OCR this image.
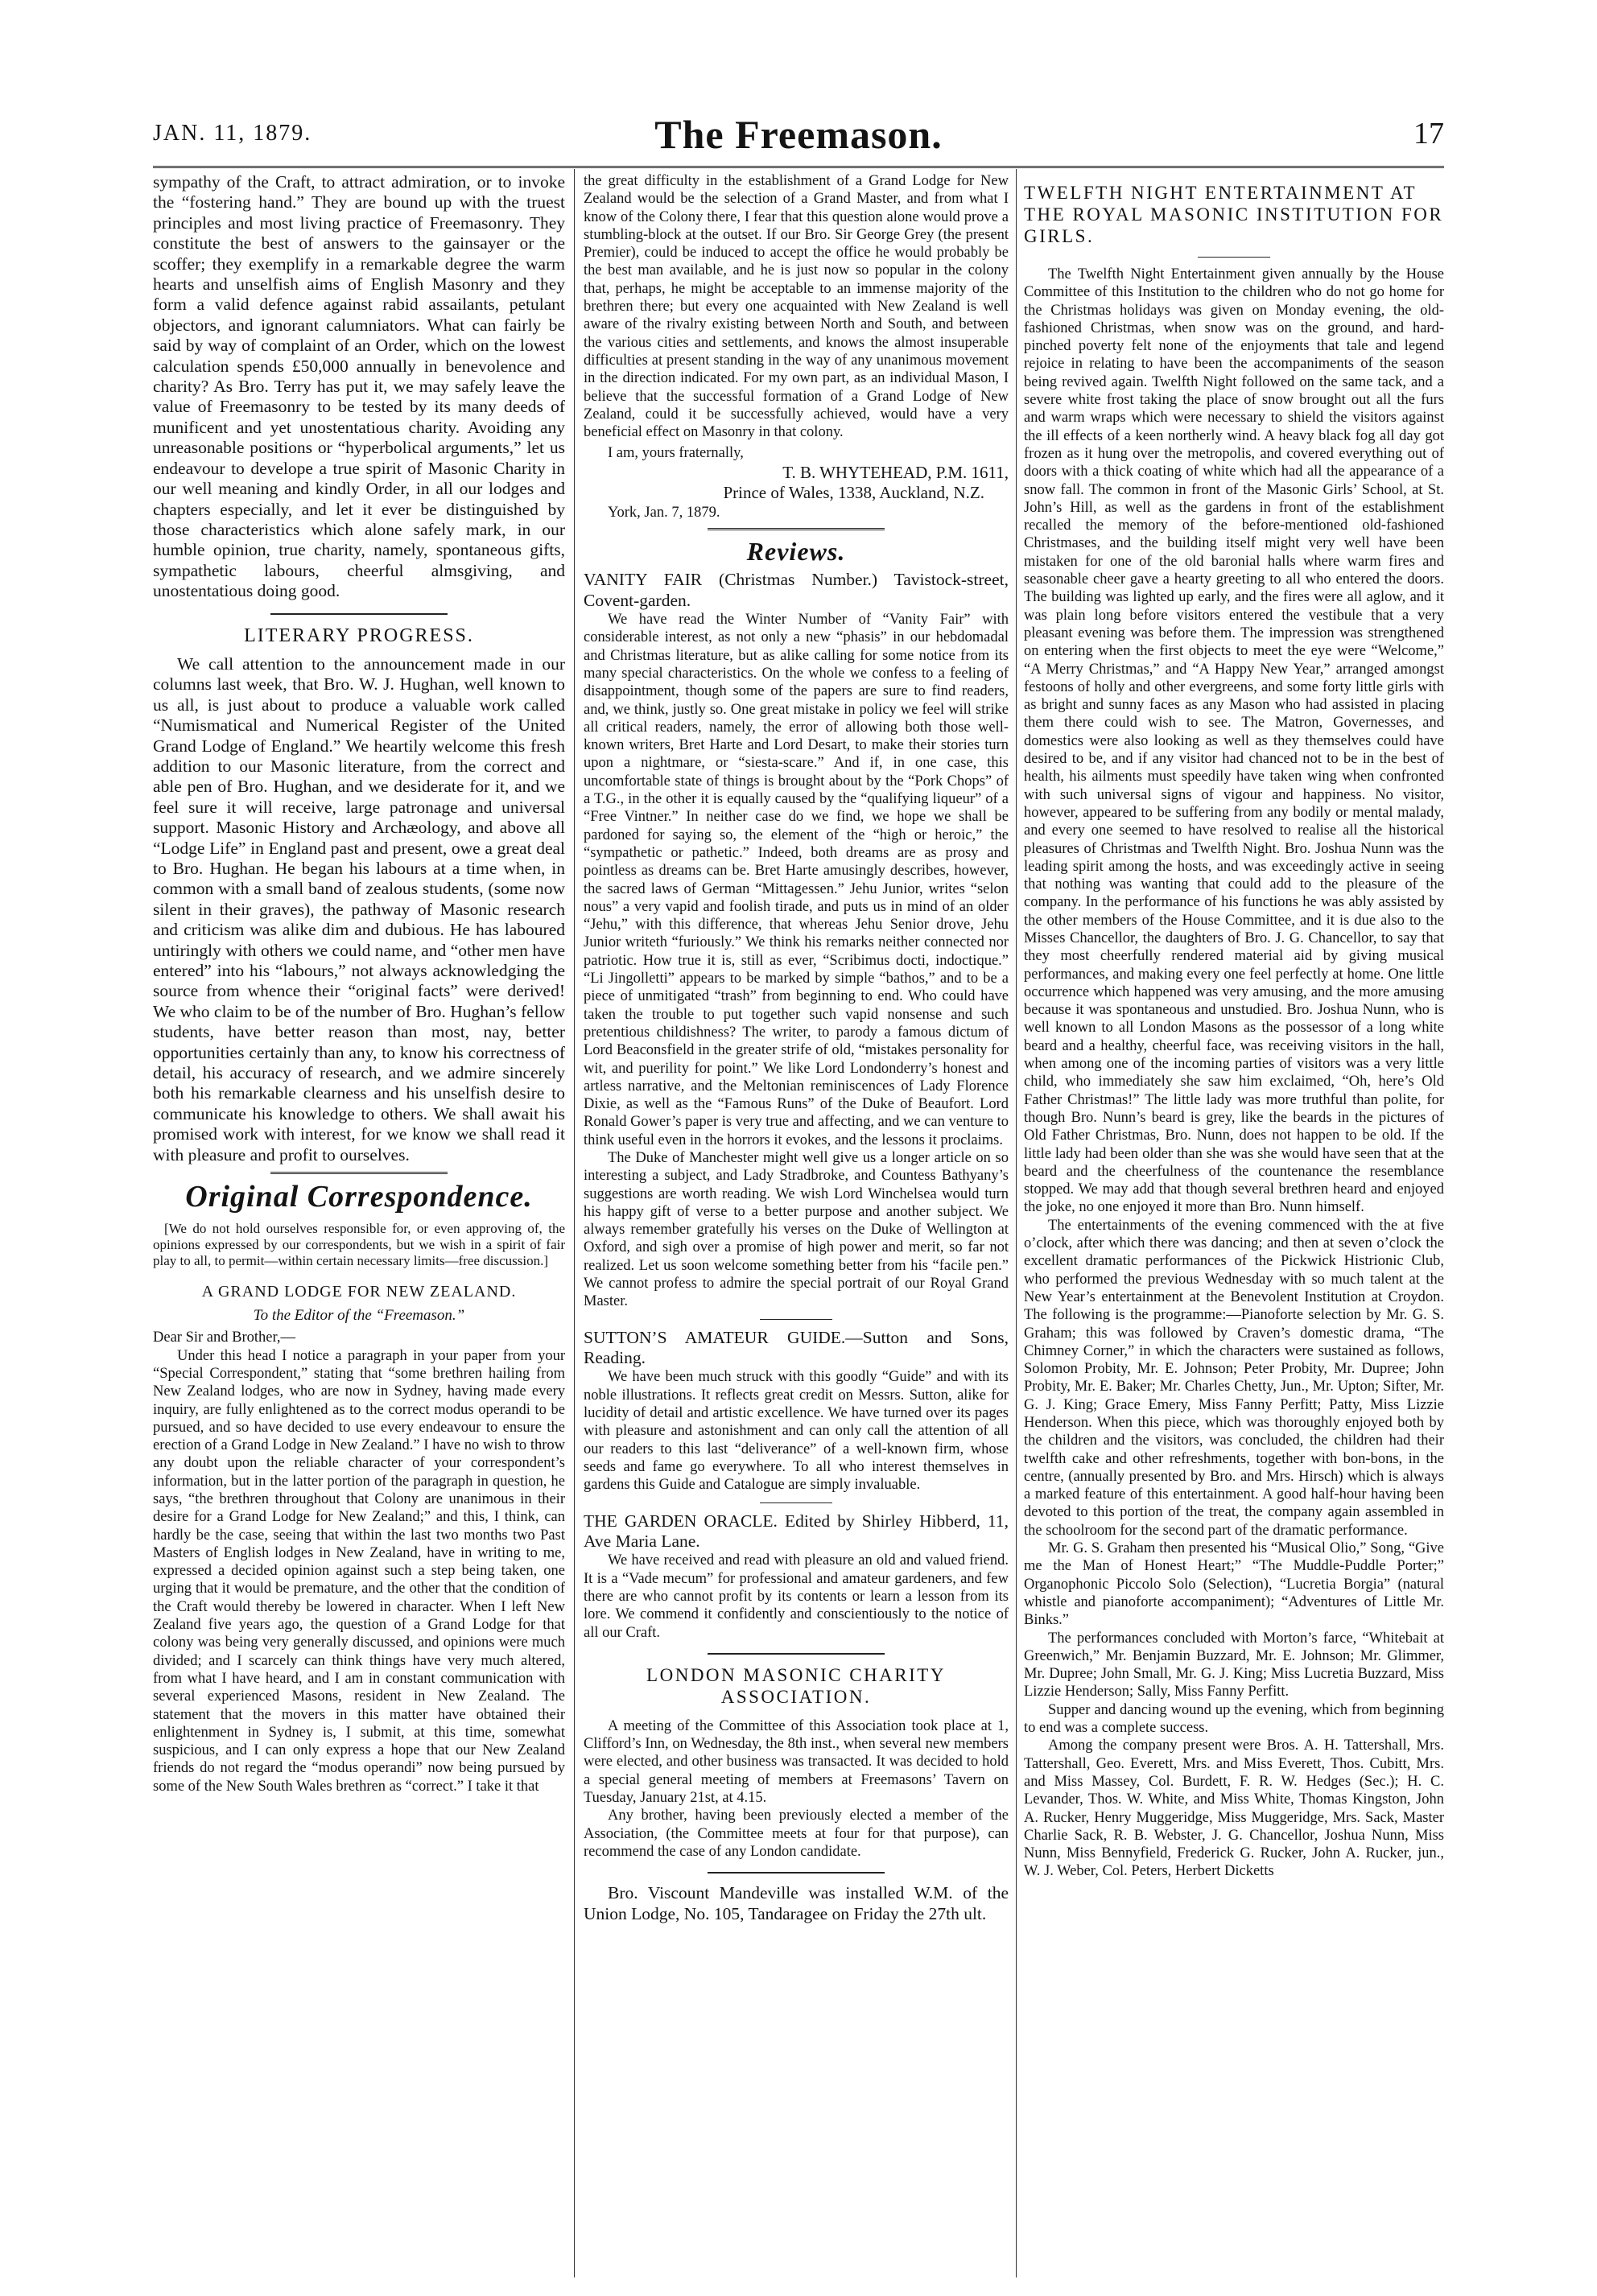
JAN. 11, 1879.	The Freemason.	17

sympathy of the Craft, to attract admiration, or to invoke the “fostering hand.” They are bound up with the truest principles and most living practice of Freemasonry. They constitute the best of answers to the gainsayer or the scoffer; they exemplify in a remarkable degree the warm hearts and unselfish aims of English Masonry and they form a valid defence against rabid assailants, petulant objectors, and ignorant calumniators. What can fairly be said by way of complaint of an Order, which on the lowest calculation spends £50,000 annually in benevolence and charity? As Bro. Terry has put it, we may safely leave the value of Freemasonry to be tested by its many deeds of munificent and yet unostentatious charity. Avoiding any unreasonable positions or “hyperbolical arguments,” let us endeavour to develope a true spirit of Masonic Charity in our well meaning and kindly Order, in all our lodges and chapters especially, and let it ever be distinguished by those characteristics which alone safely mark, in our humble opinion, true charity, namely, spontaneous gifts, sympathetic labours, cheerful almsgiving, and unostentatious doing good.

LITERARY PROGRESS.

We call attention to the announcement made in our columns last week, that Bro. W. J. Hughan, well known to us all, is just about to produce a valuable work called “Numismatical and Numerical Register of the United Grand Lodge of England.” We heartily welcome this fresh addition to our Masonic literature, from the correct and able pen of Bro. Hughan, and we desiderate for it, and we feel sure it will receive, large patronage and universal support. Masonic History and Archæology, and above all “Lodge Life” in England past and present, owe a great deal to Bro. Hughan. He began his labours at a time when, in common with a small band of zealous students, (some now silent in their graves), the pathway of Masonic research and criticism was alike dim and dubious. He has laboured untiringly with others we could name, and “other men have entered” into his “labours,” not always acknowledging the source from whence their “original facts” were derived! We who claim to be of the number of Bro. Hughan’s fellow students, have better reason than most, nay, better opportunities certainly than any, to know his correctness of detail, his accuracy of research, and we admire sincerely both his remarkable clearness and his unselfish desire to communicate his knowledge to others. We shall await his promised work with interest, for we know we shall read it with pleasure and profit to ourselves.

Original Correspondence.

[We do not hold ourselves responsible for, or even approving of, the opinions expressed by our correspondents, but we wish in a spirit of fair play to all, to permit—within certain necessary limits—free discussion.]

A GRAND LODGE FOR NEW ZEALAND.
To the Editor of the “Freemason.”

Dear Sir and Brother,—

Under this head I notice a paragraph in your paper from your “Special Correspondent,” stating that “some brethren hailing from New Zealand lodges, who are now in Sydney, having made every inquiry, are fully enlightened as to the correct modus operandi to be pursued, and so have decided to use every endeavour to ensure the erection of a Grand Lodge in New Zealand.” I have no wish to throw any doubt upon the reliable character of your correspondent’s information, but in the latter portion of the paragraph in question, he says, “the brethren throughout that Colony are unanimous in their desire for a Grand Lodge for New Zealand;” and this, I think, can hardly be the case, seeing that within the last two months two Past Masters of English lodges in New Zealand, have in writing to me, expressed a decided opinion against such a step being taken, one urging that it would be premature, and the other that the condition of the Craft would thereby be lowered in character. When I left New Zealand five years ago, the question of a Grand Lodge for that colony was being very generally discussed, and opinions were much divided; and I scarcely can think things have very much altered, from what I have heard, and I am in constant communication with several experienced Masons, resident in New Zealand. The statement that the movers in this matter have obtained their enlightenment in Sydney is, I submit, at this time, somewhat suspicious, and I can only express a hope that our New Zealand friends do not regard the “modus operandi” now being pursued by some of the New South Wales brethren as “correct.” I take it that

the great difficulty in the establishment of a Grand Lodge for New Zealand would be the selection of a Grand Master, and from what I know of the Colony there, I fear that this question alone would prove a stumbling-block at the outset. If our Bro. Sir George Grey (the present Premier), could be induced to accept the office he would probably be the best man available, and he is just now so popular in the colony that, perhaps, he might be acceptable to an immense majority of the brethren there; but every one acquainted with New Zealand is well aware of the rivalry existing between North and South, and between the various cities and settlements, and knows the almost insuperable difficulties at present standing in the way of any unanimous movement in the direction indicated. For my own part, as an individual Mason, I believe that the successful formation of a Grand Lodge of New Zealand, could it be successfully achieved, would have a very beneficial effect on Masonry in that colony.

I am, yours fraternally,

T. B. WHYTEHEAD, P.M. 1611,
Prince of Wales, 1338, Auckland, N.Z.

York, Jan. 7, 1879.

Reviews.

VANITY FAIR (Christmas Number.) Tavistock-street, Covent-garden.

We have read the Winter Number of “Vanity Fair” with considerable interest, as not only a new “phasis” in our hebdomadal and Christmas literature, but as alike calling for some notice from its many special characteristics. On the whole we confess to a feeling of disappointment, though some of the papers are sure to find readers, and, we think, justly so. One great mistake in policy we feel will strike all critical readers, namely, the error of allowing both those well-known writers, Bret Harte and Lord Desart, to make their stories turn upon a nightmare, or “siesta-scare.” And if, in one case, this uncomfortable state of things is brought about by the “Pork Chops” of a T.G., in the other it is equally caused by the “qualifying liqueur” of a “Free Vintner.” In neither case do we find, we hope we shall be pardoned for saying so, the element of the “high or heroic,” the “sympathetic or pathetic.” Indeed, both dreams are as prosy and pointless as dreams can be. Bret Harte amusingly describes, however, the sacred laws of German “Mittagessen.” Jehu Junior, writes “selon nous” a very vapid and foolish tirade, and puts us in mind of an older “Jehu,” with this difference, that whereas Jehu Senior drove, Jehu Junior writeth “furiously.” We think his remarks neither connected nor patriotic. How true it is, still as ever, “Scribimus docti, indoctique.” “Li Jingolletti” appears to be marked by simple “bathos,” and to be a piece of unmitigated “trash” from beginning to end. Who could have taken the trouble to put together such vapid nonsense and such pretentious childishness? The writer, to parody a famous dictum of Lord Beaconsfield in the greater strife of old, “mistakes personality for wit, and puerility for point.” We like Lord Londonderry’s honest and artless narrative, and the Meltonian reminiscences of Lady Florence Dixie, as well as the “Famous Runs” of the Duke of Beaufort. Lord Ronald Gower’s paper is very true and affecting, and we can venture to think useful even in the horrors it evokes, and the lessons it proclaims.

The Duke of Manchester might well give us a longer article on so interesting a subject, and Lady Stradbroke, and Countess Bathyany’s suggestions are worth reading. We wish Lord Winchelsea would turn his happy gift of verse to a better purpose and another subject. We always remember gratefully his verses on the Duke of Wellington at Oxford, and sigh over a promise of high power and merit, so far not realized. Let us soon welcome something better from his “facile pen.” We cannot profess to admire the special portrait of our Royal Grand Master.

SUTTON’S AMATEUR GUIDE.—Sutton and Sons, Reading.

We have been much struck with this goodly “Guide” and with its noble illustrations. It reflects great credit on Messrs. Sutton, alike for lucidity of detail and artistic excellence. We have turned over its pages with pleasure and astonishment and can only call the attention of all our readers to this last “deliverance” of a well-known firm, whose seeds and fame go everywhere. To all who interest themselves in gardens this Guide and Catalogue are simply invaluable.

THE GARDEN ORACLE. Edited by Shirley Hibberd, 11, Ave Maria Lane.

We have received and read with pleasure an old and valued friend. It is a “Vade mecum” for professional and amateur gardeners, and few there are who cannot profit by its contents or learn a lesson from its lore. We commend it confidently and conscientiously to the notice of all our Craft.

LONDON MASONIC CHARITY ASSOCIATION.

A meeting of the Committee of this Association took place at 1, Clifford’s Inn, on Wednesday, the 8th inst., when several new members were elected, and other business was transacted. It was decided to hold a special general meeting of members at Freemasons’ Tavern on Tuesday, January 21st, at 4.15.

Any brother, having been previously elected a member of the Association, (the Committee meets at four for that purpose), can recommend the case of any London candidate.

Bro. Viscount Mandeville was installed W.M. of the Union Lodge, No. 105, Tandaragee on Friday the 27th ult.

TWELFTH NIGHT ENTERTAINMENT AT THE ROYAL MASONIC INSTITUTION FOR GIRLS.

The Twelfth Night Entertainment given annually by the House Committee of this Institution to the children who do not go home for the Christmas holidays was given on Monday evening, the old-fashioned Christmas, when snow was on the ground, and hard-pinched poverty felt none of the enjoyments that tale and legend rejoice in relating to have been the accompaniments of the season being revived again. Twelfth Night followed on the same tack, and a severe white frost taking the place of snow brought out all the furs and warm wraps which were necessary to shield the visitors against the ill effects of a keen northerly wind. A heavy black fog all day got frozen as it hung over the metropolis, and covered everything out of doors with a thick coating of white which had all the appearance of a snow fall. The common in front of the Masonic Girls’ School, at St. John’s Hill, as well as the gardens in front of the establishment recalled the memory of the before-mentioned old-fashioned Christmases, and the building itself might very well have been mistaken for one of the old baronial halls where warm fires and seasonable cheer gave a hearty greeting to all who entered the doors. The building was lighted up early, and the fires were all aglow, and it was plain long before visitors entered the vestibule that a very pleasant evening was before them. The impression was strengthened on entering when the first objects to meet the eye were “Welcome,” “A Merry Christmas,” and “A Happy New Year,” arranged amongst festoons of holly and other evergreens, and some forty little girls with as bright and sunny faces as any Mason who had assisted in placing them there could wish to see. The Matron, Governesses, and domestics were also looking as well as they themselves could have desired to be, and if any visitor had chanced not to be in the best of health, his ailments must speedily have taken wing when confronted with such universal signs of vigour and happiness. No visitor, however, appeared to be suffering from any bodily or mental malady, and every one seemed to have resolved to realise all the historical pleasures of Christmas and Twelfth Night. Bro. Joshua Nunn was the leading spirit among the hosts, and was exceedingly active in seeing that nothing was wanting that could add to the pleasure of the company. In the performance of his functions he was ably assisted by the other members of the House Committee, and it is due also to the Misses Chancellor, the daughters of Bro. J. G. Chancellor, to say that they most cheerfully rendered material aid by giving musical performances, and making every one feel perfectly at home. One little occurrence which happened was very amusing, and the more amusing because it was spontaneous and unstudied. Bro. Joshua Nunn, who is well known to all London Masons as the possessor of a long white beard and a healthy, cheerful face, was receiving visitors in the hall, when among one of the incoming parties of visitors was a very little child, who immediately she saw him exclaimed, “Oh, here’s Old Father Christmas!” The little lady was more truthful than polite, for though Bro. Nunn’s beard is grey, like the beards in the pictures of Old Father Christmas, Bro. Nunn, does not happen to be old. If the little lady had been older than she was she would have seen that at the beard and the cheerfulness of the countenance the resemblance stopped. We may add that though several brethren heard and enjoyed the joke, no one enjoyed it more than Bro. Nunn himself.

The entertainments of the evening commenced with the at five o’clock, after which there was dancing; and then at seven o’clock the excellent dramatic performances of the Pickwick Histrionic Club, who performed the previous Wednesday with so much talent at the New Year’s entertainment at the Benevolent Institution at Croydon. The following is the programme:—Pianoforte selection by Mr. G. S. Graham; this was followed by Craven’s domestic drama, “The Chimney Corner,” in which the characters were sustained as follows, Solomon Probity, Mr. E. Johnson; Peter Probity, Mr. Dupree; John Probity, Mr. E. Baker; Mr. Charles Chetty, Jun., Mr. Upton; Sifter, Mr. G. J. King; Grace Emery, Miss Fanny Perfitt; Patty, Miss Lizzie Henderson. When this piece, which was thoroughly enjoyed both by the children and the visitors, was concluded, the children had their twelfth cake and other refreshments, together with bon-bons, in the centre, (annually presented by Bro. and Mrs. Hirsch) which is always a marked feature of this entertainment. A good half-hour having been devoted to this portion of the treat, the company again assembled in the schoolroom for the second part of the dramatic performance.

Mr. G. S. Graham then presented his “Musical Olio,” Song, “Give me the Man of Honest Heart;” “The Muddle-Puddle Porter;” Organophonic Piccolo Solo (Selection), “Lucretia Borgia” (natural whistle and pianoforte accompaniment); “Adventures of Little Mr. Binks.”

The performances concluded with Morton’s farce, “Whitebait at Greenwich,” Mr. Benjamin Buzzard, Mr. E. Johnson; Mr. Glimmer, Mr. Dupree; John Small, Mr. G. J. King; Miss Lucretia Buzzard, Miss Lizzie Henderson; Sally, Miss Fanny Perfitt.

Supper and dancing wound up the evening, which from beginning to end was a complete success.

Among the company present were Bros. A. H. Tattershall, Mrs. Tattershall, Geo. Everett, Mrs. and Miss Everett, Thos. Cubitt, Mrs. and Miss Massey, Col. Burdett, F. R. W. Hedges (Sec.); H. C. Levander, Thos. W. White, and Miss White, Thomas Kingston, John A. Rucker, Henry Muggeridge, Miss Muggeridge, Mrs. Sack, Master Charlie Sack, R. B. Webster, J. G. Chancellor, Joshua Nunn, Miss Nunn, Miss Bennyfield, Frederick G. Rucker, John A. Rucker, jun., W. J. Weber, Col. Peters, Herbert Dicketts
